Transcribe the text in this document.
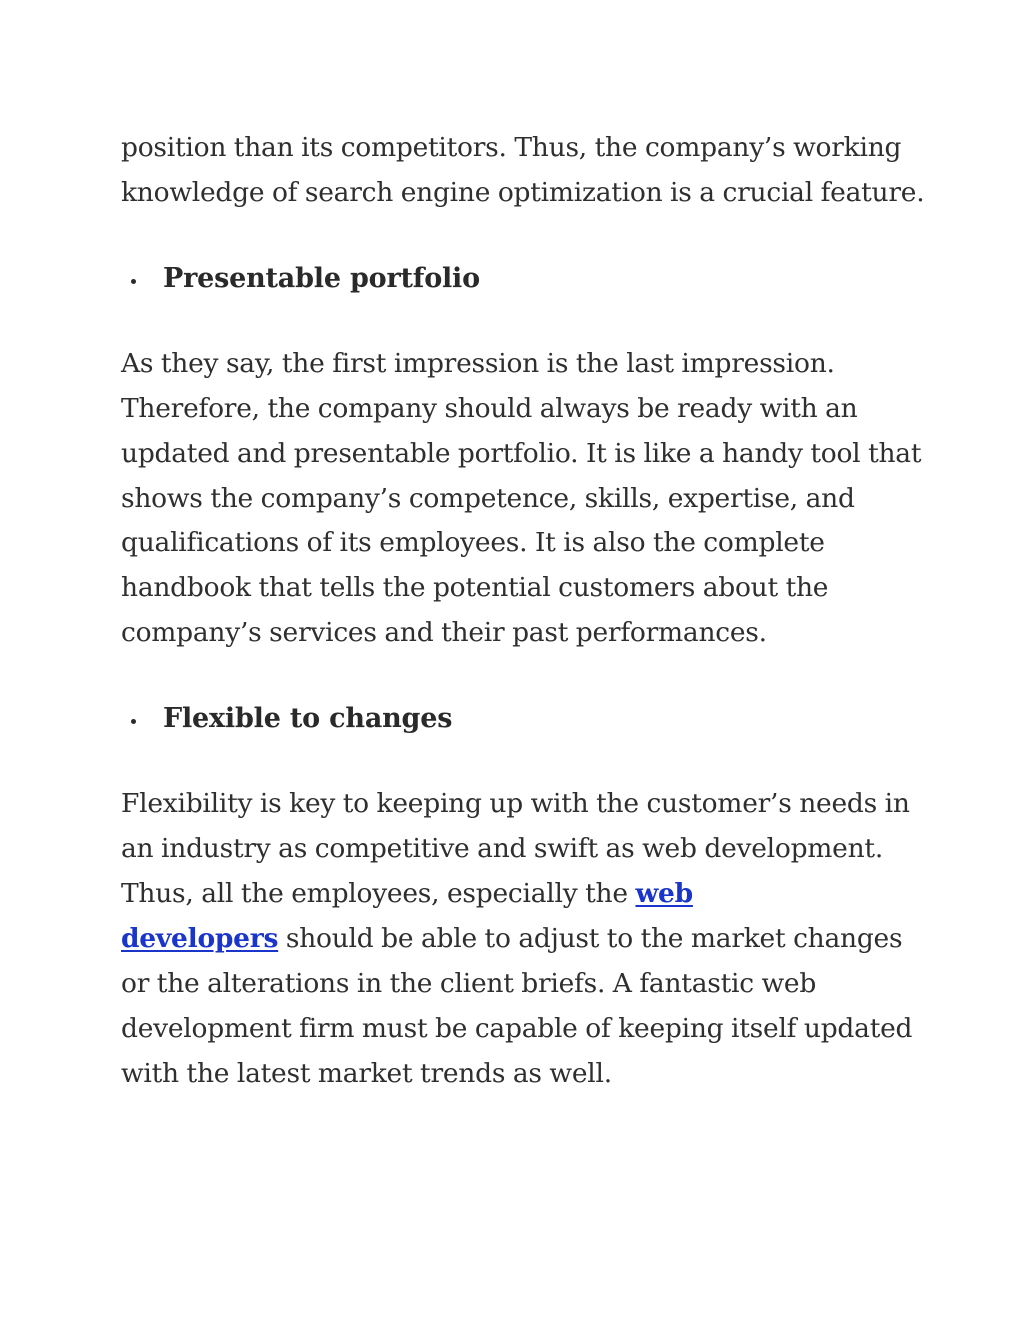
position than its competitors. Thus, the company’s working
knowledge of search engine optimization is a crucial feature.

Presentable portfolio

As they say, the first impression is the last impression.
Therefore, the company should always be ready with an
updated and presentable portfolio. It is like a handy tool that
shows the company’s competence, skills, expertise, and
qualifications of its employees. It is also the complete
handbook that tells the potential customers about the
company’s services and their past performances.

Flexible to changes

Flexibility is key to keeping up with the customer’s needs in
an industry as competitive and swift as web development.
Thus, all the employees, especially the web
developers should be able to adjust to the market changes
or the alterations in the client briefs. A fantastic web
development firm must be capable of keeping itself updated
with the latest market trends as well.
